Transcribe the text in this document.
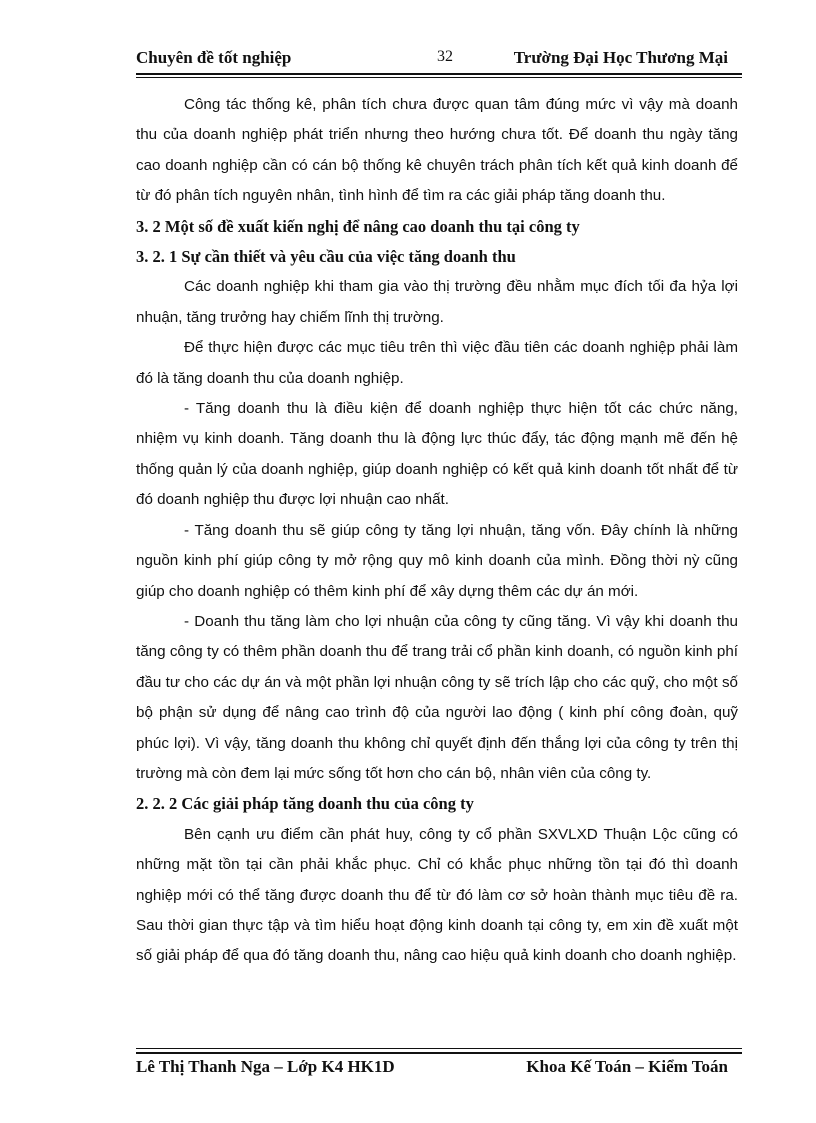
Chuyên đề tốt nghiệp	32	Trường Đại Học Thương Mại

Công tác thống kê, phân tích chưa được quan tâm đúng mức vì vậy mà doanh thu của doanh nghiệp phát triển nhưng theo hướng chưa tốt. Để doanh thu ngày tăng cao doanh nghiệp cần có cán bộ thống kê chuyên trách phân tích kết quả kinh doanh để từ đó phân tích nguyên nhân, tình hình để tìm ra các giải pháp tăng doanh thu.

3. 2 Một số đề xuất kiến nghị để nâng cao doanh thu tại công ty
3. 2. 1 Sự cần thiết và yêu cầu của việc tăng doanh thu

Các doanh nghiệp khi tham gia vào thị trường đều nhằm mục đích tối đa hỷa lợi nhuận, tăng trưởng hay chiếm lĩnh thị trường.

Để thực hiện được các mục tiêu trên thì việc đầu tiên các doanh nghiệp phải làm đó là tăng doanh thu của doanh nghiệp.

- Tăng doanh thu là điều kiện để doanh nghiệp thực hiện tốt các chức năng, nhiệm vụ kinh doanh. Tăng doanh thu là động lực thúc đẩy, tác động mạnh mẽ đến hệ thống quản lý của doanh nghiệp, giúp doanh nghiệp có kết quả kinh doanh tốt nhất để từ đó doanh nghiệp thu được lợi nhuận cao nhất.

- Tăng doanh thu sẽ giúp công ty tăng lợi nhuận, tăng vốn. Đây chính là những nguồn kinh phí giúp công ty mở rộng quy mô kinh doanh của mình. Đồng thời nỳ cũng giúp cho doanh nghiệp có thêm kinh phí để xây dựng thêm các dự án mới.

- Doanh thu tăng làm cho lợi nhuận của công ty cũng tăng. Vì vậy khi doanh thu tăng công ty có thêm phần doanh thu để trang trải cổ phần kinh doanh, có nguồn kinh phí đầu tư cho các dự án và một phần lợi nhuận công ty sẽ trích lập cho các quỹ, cho một số bộ phận sử dụng để nâng cao trình độ của người lao động ( kinh phí công đoàn, quỹ phúc lợi). Vì vậy, tăng doanh thu không chỉ quyết định đến thắng lợi của công ty trên thị trường mà còn đem lại mức sống tốt hơn cho cán bộ, nhân viên của công ty.

2. 2. 2 Các giải pháp tăng doanh thu của công ty

Bên cạnh ưu điểm cần phát huy, công ty cổ phần SXVLXD Thuận Lộc cũng có những mặt tồn tại cần phải khắc phục. Chỉ có khắc phục những tồn tại đó thì doanh nghiệp mới có thể tăng được doanh thu để từ đó làm cơ sở hoàn thành mục tiêu đề ra. Sau thời gian thực tập và tìm hiểu hoạt động kinh doanh tại công ty, em xin đề xuất một số giải pháp để qua đó tăng doanh thu, nâng cao hiệu quả kinh doanh cho doanh nghiệp.

Lê Thị Thanh Nga – Lớp K4 HK1D	Khoa Kế Toán – Kiểm Toán
